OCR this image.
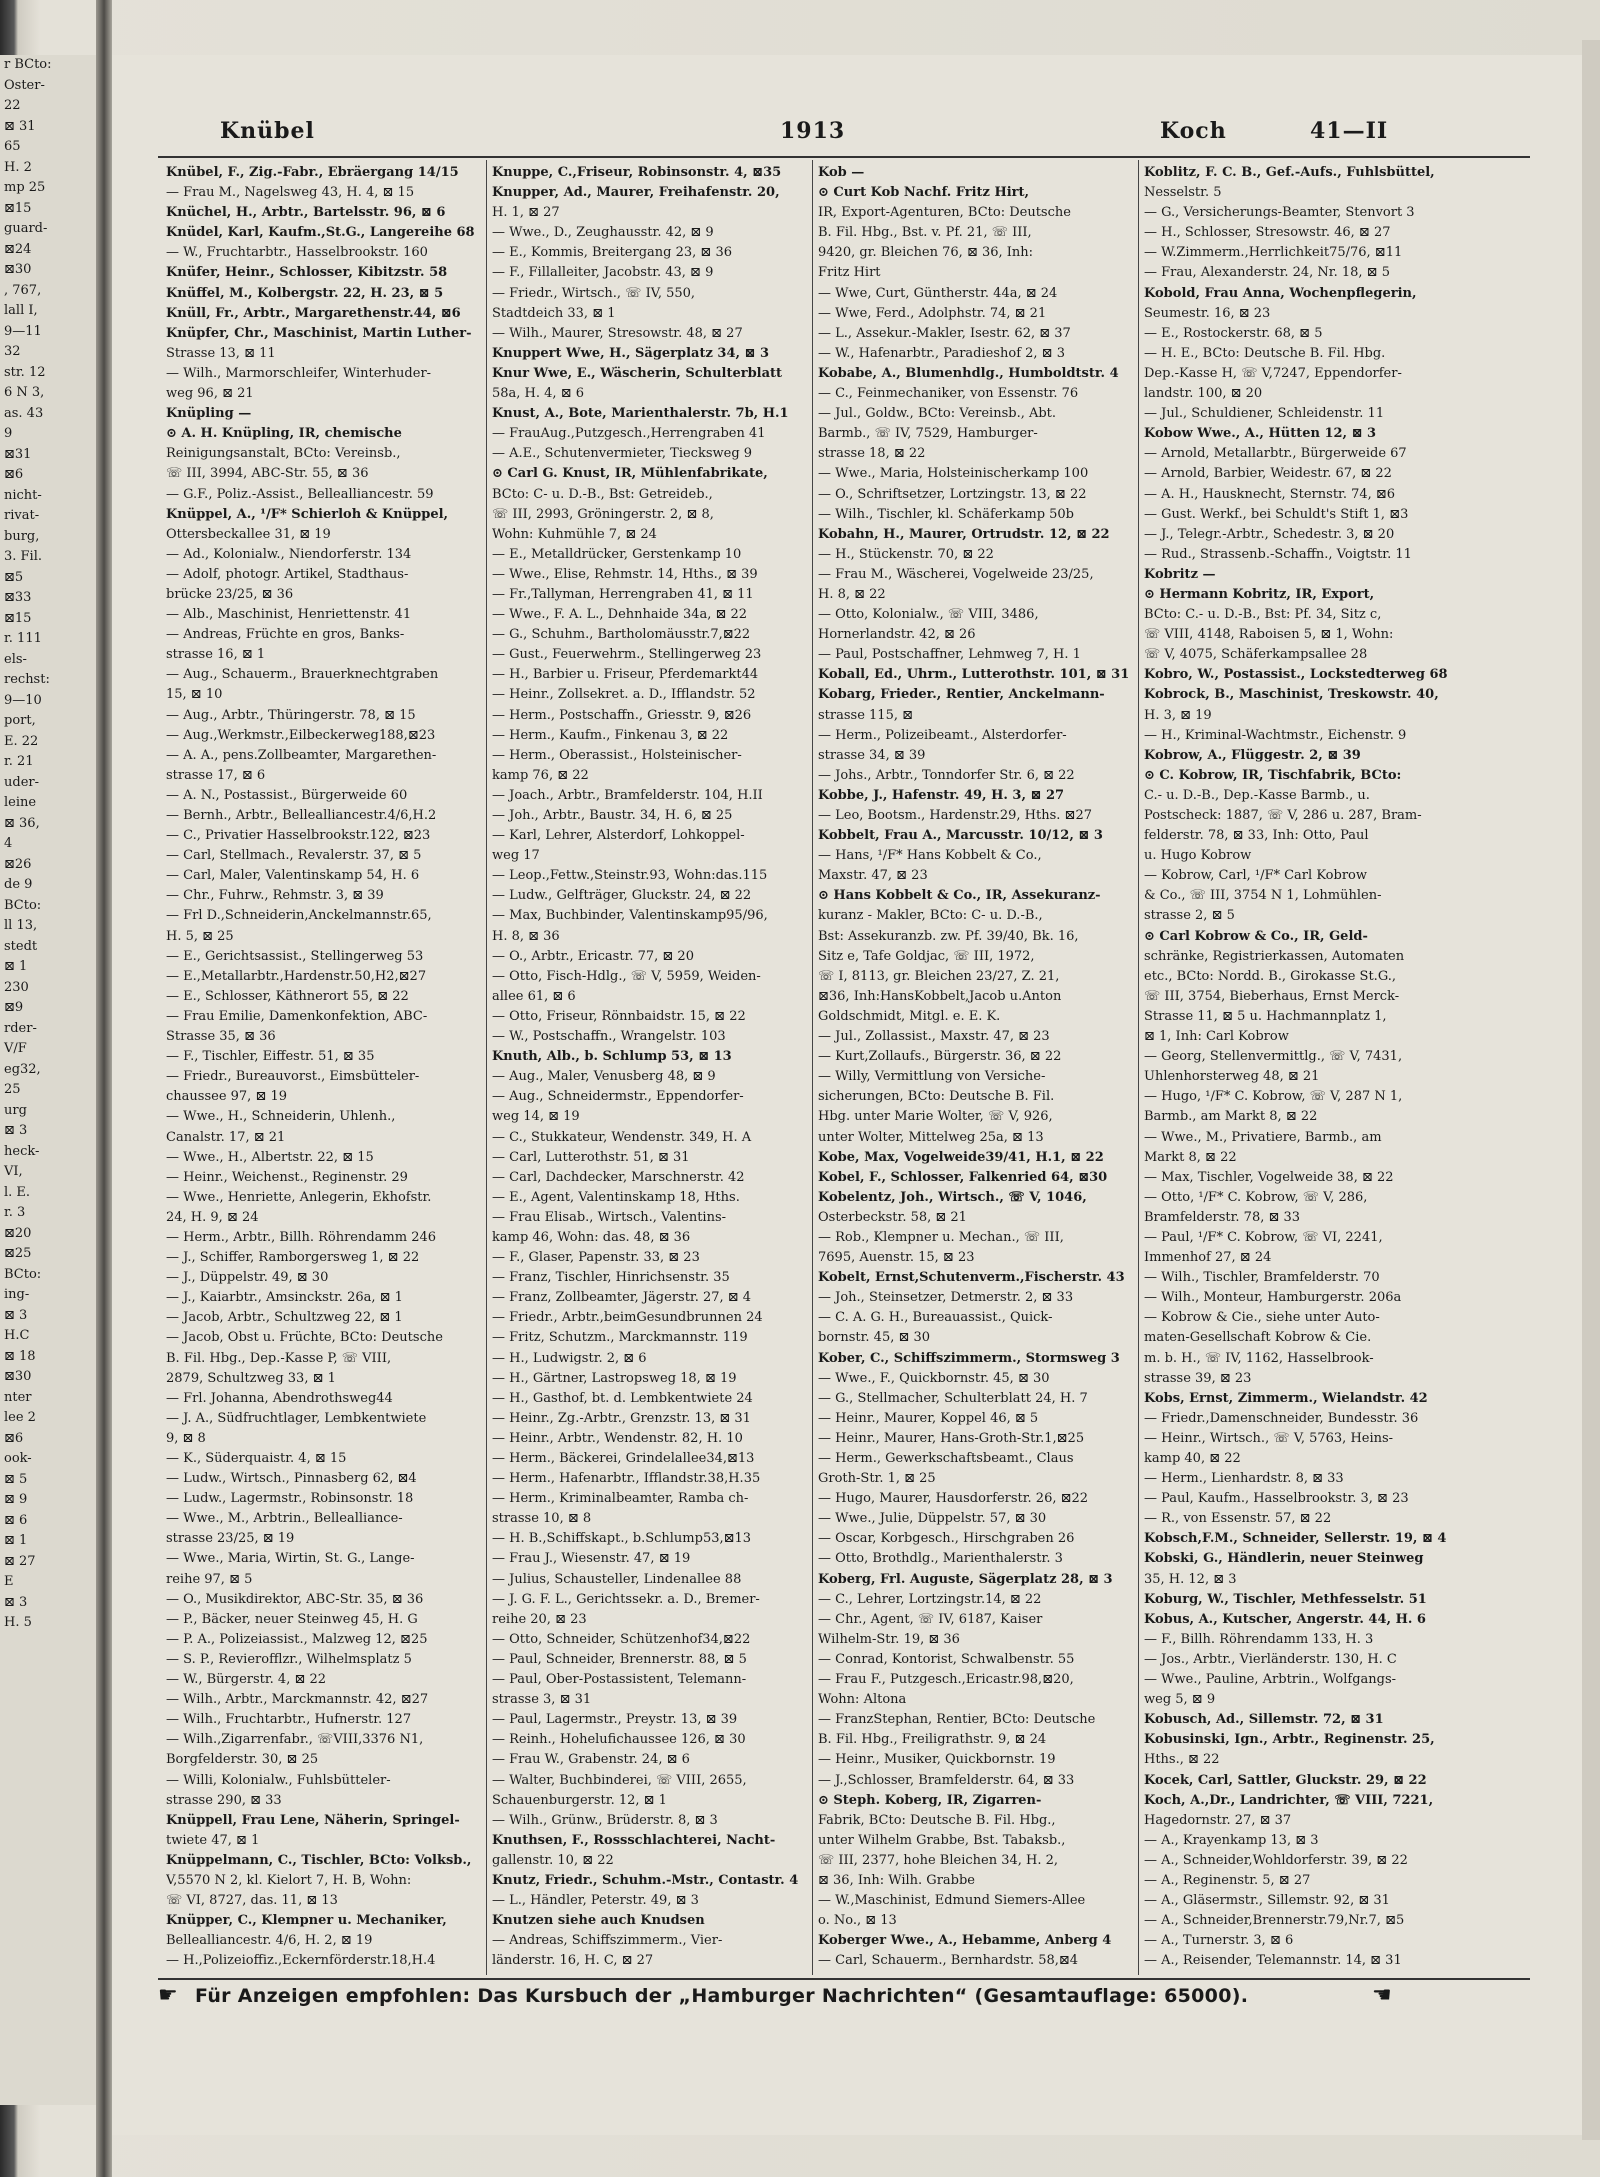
r BCto:
Oster-
22
⊠ 31
65
H. 2
mp 25
⊠15
guard-
⊠24
⊠30
, 767,
lall I,
9—11
32
str. 12
6 N 3,
as. 43
9
⊠31
⊠6
nicht-
rivat-
burg,
3. Fil.
⊠5
⊠33
⊠15
r. 111
els-
rechst:
9—10
port,
E. 22
r. 21
uder-
leine
⊠ 36,
4
⊠26
de 9
BCto:
ll 13,
stedt
⊠ 1
230
⊠9
rder-
V/F
eg32,
25
urg
⊠ 3
heck-
VI,
l. E.
r. 3
⊠20
⊠25
BCto:
ing-
⊠ 3
H.C
⊠ 18
⊠30
nter
lee 2
⊠6
ook-
⊠ 5
⊠ 9
⊠ 6
⊠ 1
⊠ 27
E
⊠ 3
H. 5
Knübel	1913	Koch	41—II
Knübel, F., Zig.-Fabr., Ebräergang 14/15
— Frau M., Nagelsweg 43, H. 4, ⊠ 15
Knüchel, H., Arbtr., Bartelsstr. 96, ⊠ 6
Knüdel, Karl, Kaufm.,St.G., Langereihe 68
— W., Fruchtarbtr., Hasselbrookstr. 160
Knüfer, Heinr., Schlosser, Kibitzstr. 58
Knüffel, M., Kolbergstr. 22, H. 23, ⊠ 5
Knüll, Fr., Arbtr., Margarethenstr.44, ⊠6
Knüpfer, Chr., Maschinist, Martin Luther-
Strasse 13, ⊠ 11
— Wilh., Marmorschleifer, Winterhuder-
weg 96, ⊠ 21
Knüpling —
⊙ A. H. Knüpling, IR, chemische
Reinigungsanstalt, BCto: Vereinsb.,
☏ III, 3994, ABC-Str. 55, ⊠ 36
— G.F., Poliz.-Assist., Bellealliancestr. 59
Knüppel, A., ¹/F* Schierloh & Knüppel,
Ottersbeckallee 31, ⊠ 19
— Ad., Kolonialw., Niendorferstr. 134
— Adolf, photogr. Artikel, Stadthaus-
brücke 23/25, ⊠ 36
— Alb., Maschinist, Henriettenstr. 41
— Andreas, Früchte en gros, Banks-
strasse 16, ⊠ 1
— Aug., Schauerm., Brauerknechtgraben
15, ⊠ 10
— Aug., Arbtr., Thüringerstr. 78, ⊠ 15
— Aug.,Werkmstr.,Eilbeckerweg188,⊠23
— A. A., pens.Zollbeamter, Margarethen-
strasse 17, ⊠ 6
— A. N., Postassist., Bürgerweide 60
— Bernh., Arbtr., Bellealliancestr.4/6,H.2
— C., Privatier Hasselbrookstr.122, ⊠23
— Carl, Stellmach., Revalerstr. 37, ⊠ 5
— Carl, Maler, Valentinskamp 54, H. 6
— Chr., Fuhrw., Rehmstr. 3, ⊠ 39
— Frl D.,Schneiderin,Anckelmannstr.65,
H. 5, ⊠ 25
— E., Gerichtsassist., Stellingerweg 53
— E.,Metallarbtr.,Hardenstr.50,H2,⊠27
— E., Schlosser, Käthnerort 55, ⊠ 22
— Frau Emilie, Damenkonfektion, ABC-
Strasse 35, ⊠ 36
— F., Tischler, Eiffestr. 51, ⊠ 35
— Friedr., Bureauvorst., Eimsbütteler-
chaussee 97, ⊠ 19
— Wwe., H., Schneiderin, Uhlenh.,
Canalstr. 17, ⊠ 21
— Wwe., H., Albertstr. 22, ⊠ 15
— Heinr., Weichenst., Reginenstr. 29
— Wwe., Henriette, Anlegerin, Ekhofstr.
24, H. 9, ⊠ 24
— Herm., Arbtr., Billh. Röhrendamm 246
— J., Schiffer, Ramborgersweg 1, ⊠ 22
— J., Düppelstr. 49, ⊠ 30
— J., Kaiarbtr., Amsinckstr. 26a, ⊠ 1
— Jacob, Arbtr., Schultzweg 22, ⊠ 1
— Jacob, Obst u. Früchte, BCto: Deutsche
B. Fil. Hbg., Dep.-Kasse P, ☏ VIII,
2879, Schultzweg 33, ⊠ 1
— Frl. Johanna, Abendrothsweg44
— J. A., Südfruchtlager, Lembkentwiete
9, ⊠ 8
— K., Süderquaistr. 4, ⊠ 15
— Ludw., Wirtsch., Pinnasberg 62, ⊠4
— Ludw., Lagermstr., Robinsonstr. 18
— Wwe., M., Arbtrin., Bellealliance-
strasse 23/25, ⊠ 19
— Wwe., Maria, Wirtin, St. G., Lange-
reihe 97, ⊠ 5
— O., Musikdirektor, ABC-Str. 35, ⊠ 36
— P., Bäcker, neuer Steinweg 45, H. G
— P. A., Polizeiassist., Malzweg 12, ⊠25
— S. P., Revierofflzr., Wilhelmsplatz 5
— W., Bürgerstr. 4, ⊠ 22
— Wilh., Arbtr., Marckmannstr. 42, ⊠27
— Wilh., Fruchtarbtr., Hufnerstr. 127
— Wilh.,Zigarrenfabr., ☏VIII,3376 N1,
Borgfelderstr. 30, ⊠ 25
— Willi, Kolonialw., Fuhlsbütteler-
strasse 290, ⊠ 33
Knüppell, Frau Lene, Näherin, Springel-
twiete 47, ⊠ 1
Knüppelmann, C., Tischler, BCto: Volksb.,
V,5570 N 2, kl. Kielort 7, H. B, Wohn:
☏ VI, 8727, das. 11, ⊠ 13
Knüpper, C., Klempner u. Mechaniker,
Bellealliancestr. 4/6, H. 2, ⊠ 19
— H.,Polizeioffiz.,Eckernförderstr.18,H.4
Knuppe, C.,Friseur, Robinsonstr. 4, ⊠35
Knupper, Ad., Maurer, Freihafenstr. 20,
H. 1, ⊠ 27
— Wwe., D., Zeughausstr. 42, ⊠ 9
— E., Kommis, Breitergang 23, ⊠ 36
— F., Fillalleiter, Jacobstr. 43, ⊠ 9
— Friedr., Wirtsch., ☏ IV, 550,
Stadtdeich 33, ⊠ 1
— Wilh., Maurer, Stresowstr. 48, ⊠ 27
Knuppert Wwe, H., Sägerplatz 34, ⊠ 3
Knur Wwe, E., Wäscherin, Schulterblatt
58a, H. 4, ⊠ 6
Knust, A., Bote, Marienthalerstr. 7b, H.1
— FrauAug.,Putzgesch.,Herrengraben 41
— A.E., Schutenvermieter, Tiecksweg 9
⊙ Carl G. Knust, IR, Mühlenfabrikate,
BCto: C- u. D.-B., Bst: Getreideb.,
☏ III, 2993, Gröningerstr. 2, ⊠ 8,
Wohn: Kuhmühle 7, ⊠ 24
— E., Metalldrücker, Gerstenkamp 10
— Wwe., Elise, Rehmstr. 14, Hths., ⊠ 39
— Fr.,Tallyman, Herrengraben 41, ⊠ 11
— Wwe., F. A. L., Dehnhaide 34a, ⊠ 22
— G., Schuhm., Bartholomäusstr.7,⊠22
— Gust., Feuerwehrm., Stellingerweg 23
— H., Barbier u. Friseur, Pferdemarkt44
— Heinr., Zollsekret. a. D., Ifflandstr. 52
— Herm., Postschaffn., Griesstr. 9, ⊠26
— Herm., Kaufm., Finkenau 3, ⊠ 22
— Herm., Oberassist., Holsteinischer-
kamp 76, ⊠ 22
— Joach., Arbtr., Bramfelderstr. 104, H.II
— Joh., Arbtr., Baustr. 34, H. 6, ⊠ 25
— Karl, Lehrer, Alsterdorf, Lohkoppel-
weg 17
— Leop.,Fettw.,Steinstr.93, Wohn:das.115
— Ludw., Gelfträger, Gluckstr. 24, ⊠ 22
— Max, Buchbinder, Valentinskamp95/96,
H. 8, ⊠ 36
— O., Arbtr., Ericastr. 77, ⊠ 20
— Otto, Fisch-Hdlg., ☏ V, 5959, Weiden-
allee 61, ⊠ 6
— Otto, Friseur, Rönnbaidstr. 15, ⊠ 22
— W., Postschaffn., Wrangelstr. 103
Knuth, Alb., b. Schlump 53, ⊠ 13
— Aug., Maler, Venusberg 48, ⊠ 9
— Aug., Schneidermstr., Eppendorfer-
weg 14, ⊠ 19
— C., Stukkateur, Wendenstr. 349, H. A
— Carl, Lutterothstr. 51, ⊠ 31
— Carl, Dachdecker, Marschnerstr. 42
— E., Agent, Valentinskamp 18, Hths.
— Frau Elisab., Wirtsch., Valentins-
kamp 46, Wohn: das. 48, ⊠ 36
— F., Glaser, Papenstr. 33, ⊠ 23
— Franz, Tischler, Hinrichsenstr. 35
— Franz, Zollbeamter, Jägerstr. 27, ⊠ 4
— Friedr., Arbtr.,beimGesundbrunnen 24
— Fritz, Schutzm., Marckmannstr. 119
— H., Ludwigstr. 2, ⊠ 6
— H., Gärtner, Lastropsweg 18, ⊠ 19
— H., Gasthof, bt. d. Lembkentwiete 24
— Heinr., Zg.-Arbtr., Grenzstr. 13, ⊠ 31
— Heinr., Arbtr., Wendenstr. 82, H. 10
— Herm., Bäckerei, Grindelallee34,⊠13
— Herm., Hafenarbtr., Ifflandstr.38,H.35
— Herm., Kriminalbeamter, Ramba ch-
strasse 10, ⊠ 8
— H. B.,Schiffskapt., b.Schlump53,⊠13
— Frau J., Wiesenstr. 47, ⊠ 19
— Julius, Schausteller, Lindenallee 88
— J. G. F. L., Gerichtssekr. a. D., Bremer-
reihe 20, ⊠ 23
— Otto, Schneider, Schützenhof34,⊠22
— Paul, Schneider, Brennerstr. 88, ⊠ 5
— Paul, Ober-Postassistent, Telemann-
strasse 3, ⊠ 31
— Paul, Lagermstr., Preystr. 13, ⊠ 39
— Reinh., Hohelufichaussee 126, ⊠ 30
— Frau W., Grabenstr. 24, ⊠ 6
— Walter, Buchbinderei, ☏ VIII, 2655,
Schauenburgerstr. 12, ⊠ 1
— Wilh., Grünw., Brüderstr. 8, ⊠ 3
Knuthsen, F., Rossschlachterei, Nacht-
gallenstr. 10, ⊠ 22
Knutz, Friedr., Schuhm.-Mstr., Contastr. 4
— L., Händler, Peterstr. 49, ⊠ 3
Knutzen siehe auch Knudsen
— Andreas, Schiffszimmerm., Vier-
länderstr. 16, H. C, ⊠ 27
Kob —
⊙ Curt Kob Nachf. Fritz Hirt,
IR, Export-Agenturen, BCto: Deutsche
B. Fil. Hbg., Bst. v. Pf. 21, ☏ III,
9420, gr. Bleichen 76, ⊠ 36, Inh:
Fritz Hirt
— Wwe, Curt, Güntherstr. 44a, ⊠ 24
— Wwe, Ferd., Adolphstr. 74, ⊠ 21
— L., Assekur.-Makler, Isestr. 62, ⊠ 37
— W., Hafenarbtr., Paradieshof 2, ⊠ 3
Kobabe, A., Blumenhdlg., Humboldtstr. 4
— C., Feinmechaniker, von Essenstr. 76
— Jul., Goldw., BCto: Vereinsb., Abt.
Barmb., ☏ IV, 7529, Hamburger-
strasse 18, ⊠ 22
— Wwe., Maria, Holsteinischerkamp 100
— O., Schriftsetzer, Lortzingstr. 13, ⊠ 22
— Wilh., Tischler, kl. Schäferkamp 50b
Kobahn, H., Maurer, Ortrudstr. 12, ⊠ 22
— H., Stückenstr. 70, ⊠ 22
— Frau M., Wäscherei, Vogelweide 23/25,
H. 8, ⊠ 22
— Otto, Kolonialw., ☏ VIII, 3486,
Hornerlandstr. 42, ⊠ 26
— Paul, Postschaffner, Lehmweg 7, H. 1
Koball, Ed., Uhrm., Lutterothstr. 101, ⊠ 31
Kobarg, Frieder., Rentier, Anckelmann-
strasse 115, ⊠
— Herm., Polizeibeamt., Alsterdorfer-
strasse 34, ⊠ 39
— Johs., Arbtr., Tonndorfer Str. 6, ⊠ 22
Kobbe, J., Hafenstr. 49, H. 3, ⊠ 27
— Leo, Bootsm., Hardenstr.29, Hths. ⊠27
Kobbelt, Frau A., Marcusstr. 10/12, ⊠ 3
— Hans, ¹/F* Hans Kobbelt & Co.,
Maxstr. 47, ⊠ 23
⊙ Hans Kobbelt & Co., IR, Assekuranz-
kuranz - Makler, BCto: C- u. D.-B.,
Bst: Assekuranzb. zw. Pf. 39/40, Bk. 16,
Sitz e, Tafe Goldjac, ☏ III, 1972,
☏ I, 8113, gr. Bleichen 23/27, Z. 21,
⊠36, Inh:HansKobbelt,Jacob u.Anton
Goldschmidt, Mitgl. e. E. K.
— Jul., Zollassist., Maxstr. 47, ⊠ 23
— Kurt,Zollaufs., Bürgerstr. 36, ⊠ 22
— Willy, Vermittlung von Versiche-
sicherungen, BCto: Deutsche B. Fil.
Hbg. unter Marie Wolter, ☏ V, 926,
unter Wolter, Mittelweg 25a, ⊠ 13
Kobe, Max, Vogelweide39/41, H.1, ⊠ 22
Kobel, F., Schlosser, Falkenried 64, ⊠30
Kobelentz, Joh., Wirtsch., ☏ V, 1046,
Osterbeckstr. 58, ⊠ 21
— Rob., Klempner u. Mechan., ☏ III,
7695, Auenstr. 15, ⊠ 23
Kobelt, Ernst,Schutenverm.,Fischerstr. 43
— Joh., Steinsetzer, Detmerstr. 2, ⊠ 33
— C. A. G. H., Bureauassist., Quick-
bornstr. 45, ⊠ 30
Kober, C., Schiffszimmerm., Stormsweg 3
— Wwe., F., Quickbornstr. 45, ⊠ 30
— G., Stellmacher, Schulterblatt 24, H. 7
— Heinr., Maurer, Koppel 46, ⊠ 5
— Heinr., Maurer, Hans-Groth-Str.1,⊠25
— Herm., Gewerkschaftsbeamt., Claus
Groth-Str. 1, ⊠ 25
— Hugo, Maurer, Hausdorferstr. 26, ⊠22
— Wwe., Julie, Düppelstr. 57, ⊠ 30
— Oscar, Korbgesch., Hirschgraben 26
— Otto, Brothdlg., Marienthalerstr. 3
Koberg, Frl. Auguste, Sägerplatz 28, ⊠ 3
— C., Lehrer, Lortzingstr.14, ⊠ 22
— Chr., Agent, ☏ IV, 6187, Kaiser
Wilhelm-Str. 19, ⊠ 36
— Conrad, Kontorist, Schwalbenstr. 55
— Frau F., Putzgesch.,Ericastr.98,⊠20,
Wohn: Altona
— FranzStephan, Rentier, BCto: Deutsche
B. Fil. Hbg., Freiligrathstr. 9, ⊠ 24
— Heinr., Musiker, Quickbornstr. 19
— J.,Schlosser, Bramfelderstr. 64, ⊠ 33
⊙ Steph. Koberg, IR, Zigarren-
Fabrik, BCto: Deutsche B. Fil. Hbg.,
unter Wilhelm Grabbe, Bst. Tabaksb.,
☏ III, 2377, hohe Bleichen 34, H. 2,
⊠ 36, Inh: Wilh. Grabbe
— W.,Maschinist, Edmund Siemers-Allee
o. No., ⊠ 13
Koberger Wwe., A., Hebamme, Anberg 4
— Carl, Schauerm., Bernhardstr. 58,⊠4
Koblitz, F. C. B., Gef.-Aufs., Fuhlsbüttel,
Nesselstr. 5
— G., Versicherungs-Beamter, Stenvort 3
— H., Schlosser, Stresowstr. 46, ⊠ 27
— W.Zimmerm.,Herrlichkeit75/76, ⊠11
— Frau, Alexanderstr. 24, Nr. 18, ⊠ 5
Kobold, Frau Anna, Wochenpflegerin,
Seumestr. 16, ⊠ 23
— E., Rostockerstr. 68, ⊠ 5
— H. E., BCto: Deutsche B. Fil. Hbg.
Dep.-Kasse H, ☏ V,7247, Eppendorfer-
landstr. 100, ⊠ 20
— Jul., Schuldiener, Schleidenstr. 11
Kobow Wwe., A., Hütten 12, ⊠ 3
— Arnold, Metallarbtr., Bürgerweide 67
— Arnold, Barbier, Weidestr. 67, ⊠ 22
— A. H., Hausknecht, Sternstr. 74, ⊠6
— Gust. Werkf., bei Schuldt's Stift 1, ⊠3
— J., Telegr.-Arbtr., Schedestr. 3, ⊠ 20
— Rud., Strassenb.-Schaffn., Voigtstr. 11
Kobritz —
⊙ Hermann Kobritz, IR, Export,
BCto: C.- u. D.-B., Bst: Pf. 34, Sitz c,
☏ VIII, 4148, Raboisen 5, ⊠ 1, Wohn:
☏ V, 4075, Schäferkampsallee 28
Kobro, W., Postassist., Lockstedterweg 68
Kobrock, B., Maschinist, Treskowstr. 40,
H. 3, ⊠ 19
— H., Kriminal-Wachtmstr., Eichenstr. 9
Kobrow, A., Flüggestr. 2, ⊠ 39
⊙ C. Kobrow, IR, Tischfabrik, BCto:
C.- u. D.-B., Dep.-Kasse Barmb., u.
Postscheck: 1887, ☏ V, 286 u. 287, Bram-
felderstr. 78, ⊠ 33, Inh: Otto, Paul
u. Hugo Kobrow
— Kobrow, Carl, ¹/F* Carl Kobrow
& Co., ☏ III, 3754 N 1, Lohmühlen-
strasse 2, ⊠ 5
⊙ Carl Kobrow & Co., IR, Geld-
schränke, Registrierkassen, Automaten
etc., BCto: Nordd. B., Girokasse St.G.,
☏ III, 3754, Bieberhaus, Ernst Merck-
Strasse 11, ⊠ 5 u. Hachmannplatz 1,
⊠ 1, Inh: Carl Kobrow
— Georg, Stellenvermittlg., ☏ V, 7431,
Uhlenhorsterweg 48, ⊠ 21
— Hugo, ¹/F* C. Kobrow, ☏ V, 287 N 1,
Barmb., am Markt 8, ⊠ 22
— Wwe., M., Privatiere, Barmb., am
Markt 8, ⊠ 22
— Max, Tischler, Vogelweide 38, ⊠ 22
— Otto, ¹/F* C. Kobrow, ☏ V, 286,
Bramfelderstr. 78, ⊠ 33
— Paul, ¹/F* C. Kobrow, ☏ VI, 2241,
Immenhof 27, ⊠ 24
— Wilh., Tischler, Bramfelderstr. 70
— Wilh., Monteur, Hamburgerstr. 206a
— Kobrow & Cie., siehe unter Auto-
maten-Gesellschaft Kobrow & Cie.
m. b. H., ☏ IV, 1162, Hasselbrook-
strasse 39, ⊠ 23
Kobs, Ernst, Zimmerm., Wielandstr. 42
— Friedr.,Damenschneider, Bundesstr. 36
— Heinr., Wirtsch., ☏ V, 5763, Heins-
kamp 40, ⊠ 22
— Herm., Lienhardstr. 8, ⊠ 33
— Paul, Kaufm., Hasselbrookstr. 3, ⊠ 23
— R., von Essenstr. 57, ⊠ 22
Kobsch,F.M., Schneider, Sellerstr. 19, ⊠ 4
Kobski, G., Händlerin, neuer Steinweg
35, H. 12, ⊠ 3
Koburg, W., Tischler, Methfesselstr. 51
Kobus, A., Kutscher, Angerstr. 44, H. 6
— F., Billh. Röhrendamm 133, H. 3
— Jos., Arbtr., Vierländerstr. 130, H. C
— Wwe., Pauline, Arbtrin., Wolfgangs-
weg 5, ⊠ 9
Kobusch, Ad., Sillemstr. 72, ⊠ 31
Kobusinski, Ign., Arbtr., Reginenstr. 25,
Hths., ⊠ 22
Kocek, Carl, Sattler, Gluckstr. 29, ⊠ 22
Koch, A.,Dr., Landrichter, ☏ VIII, 7221,
Hagedornstr. 27, ⊠ 37
— A., Krayenkamp 13, ⊠ 3
— A., Schneider,Wohldorferstr. 39, ⊠ 22
— A., Reginenstr. 5, ⊠ 27
— A., Gläsermstr., Sillemstr. 92, ⊠ 31
— A., Schneider,Brennerstr.79,Nr.7, ⊠5
— A., Turnerstr. 3, ⊠ 6
— A., Reisender, Telemannstr. 14, ⊠ 31
☛ Für Anzeigen empfohlen: Das Kursbuch der „Hamburger Nachrichten“ (Gesamtauflage: 65000).	☚
